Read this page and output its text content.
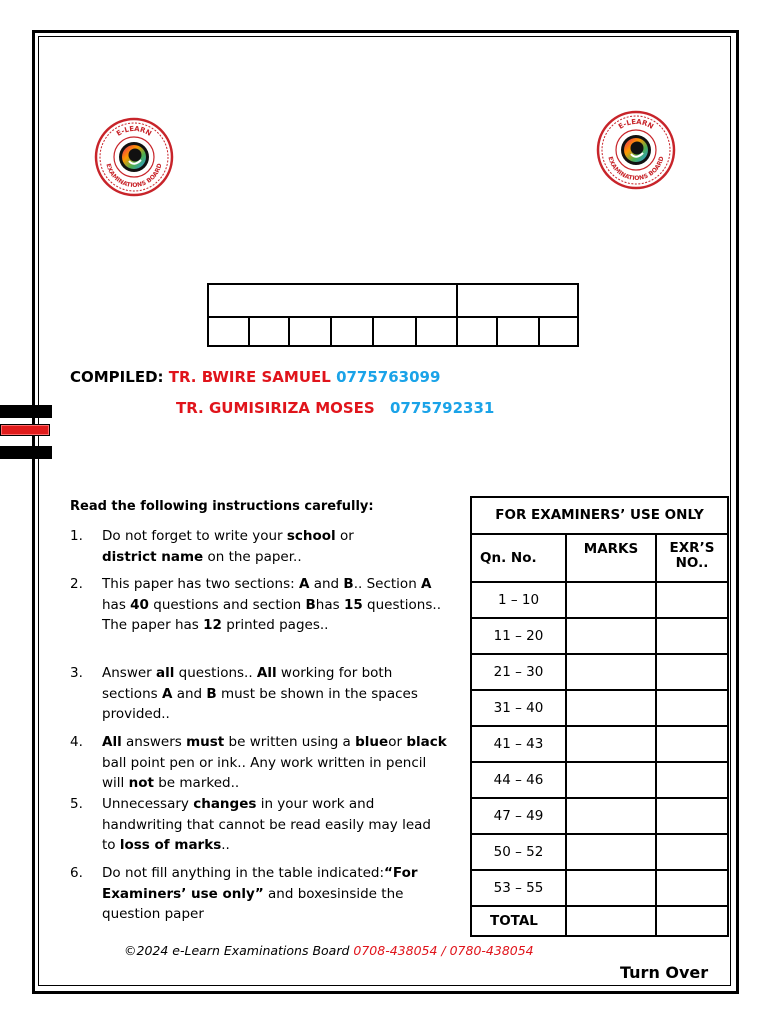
E-LEARN
EXAMINATIONS BOARD
E-LEARN
EXAMINATIONS BOARD
COMPILED: TR. BWIRE SAMUEL 0775763099
TR. GUMISIRIZA MOSES 0775792331
Read the following instructions carefully:
1. Do not forget to write your school or
district name on the paper..
2. This paper has two sections: A and B.. Section A has 40 questions and section Bhas 15 questions.. The paper has 12 printed pages..
3. Answer all questions.. All working for both sections A and B must be shown in the spaces provided..
4. All answers must be written using a blueor black ball point pen or ink.. Any work written in pencil will not be marked..
5. Unnecessary changes in your work and handwriting that cannot be read easily may lead to loss of marks..
6. Do not fill anything in the table indicated:“For Examiners’ use only” and boxesinside the question paper
FOR EXAMINERS’ USE ONLY		
Qn. No.	MARKS	EXR’S NO..
1 – 10		
11 – 20		
21 – 30		
31 – 40		
41 – 43		
44 – 46		
47 – 49		
50 – 52		
53 – 55		
TOTAL		
©2024 e-Learn Examinations Board 0708-438054 / 0780-438054
Turn Over
